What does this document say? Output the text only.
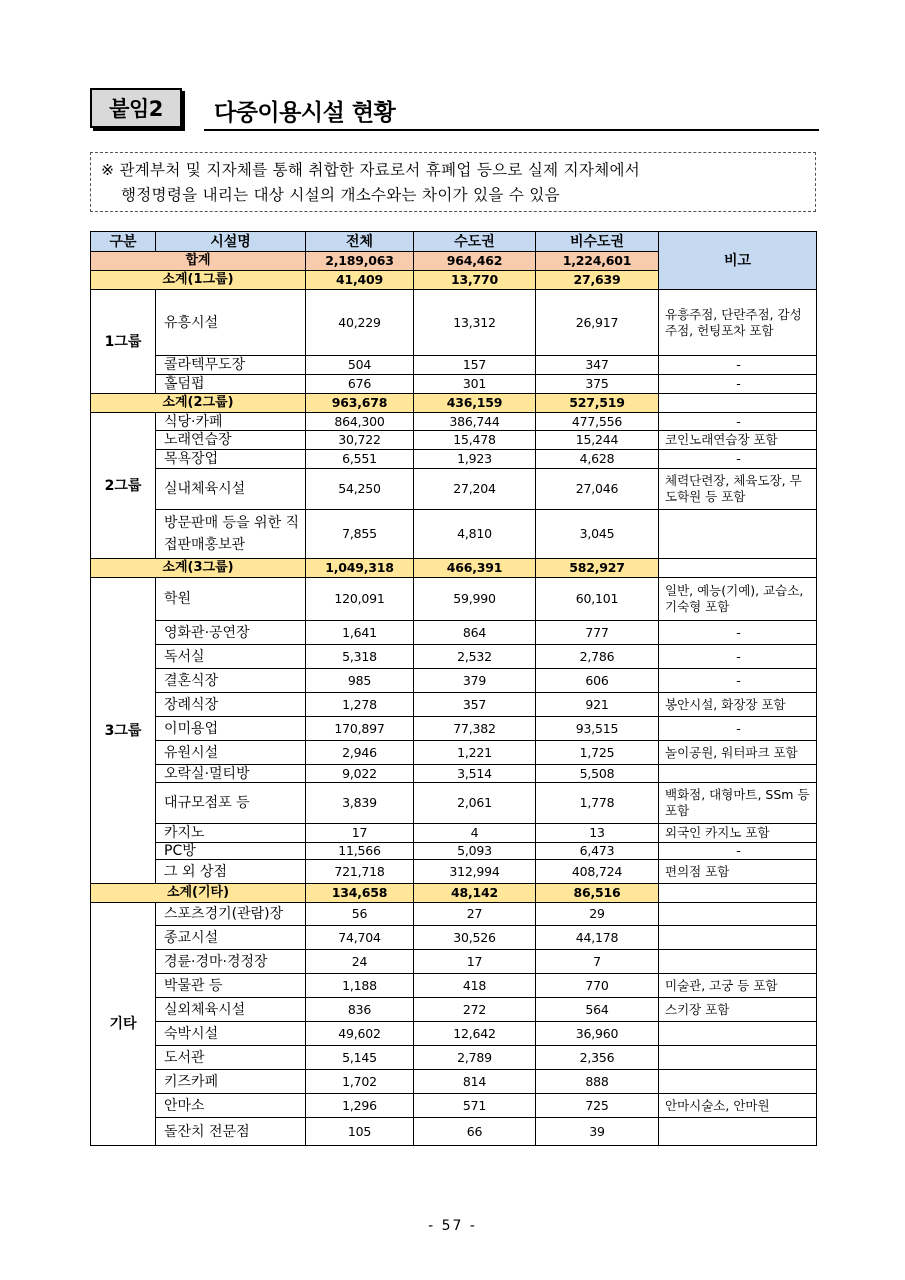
붙임2 다중이용시설 현황
※ 관계부처 및 지자체를 통해 취합한 자료로서 휴폐업 등으로 실제 지자체에서
행정명령을 내리는 대상 시설의 개소수와는 차이가 있을 수 있음
구분	시설명	전체	수도권	비수도권	비고
합계		2,189,063	964,462	1,224,601	
소계(1그룹)		41,409	13,770	27,639	
1그룹	유흥시설	40,229	13,312	26,917	유흥주점, 단란주점, 감성주점, 헌팅포차 포함
	콜라텍무도장	504	157	347	-
	홀덤펍	676	301	375	-
소계(2그룹)		963,678	436,159	527,519	
2그룹	식당·카페	864,300	386,744	477,556	-
	노래연습장	30,722	15,478	15,244	코인노래연습장 포함
	목욕장업	6,551	1,923	4,628	-
	실내체육시설	54,250	27,204	27,046	체력단련장, 체육도장, 무도학원 등 포함
	방문판매 등을 위한 직접판매홍보관	7,855	4,810	3,045	
소계(3그룹)		1,049,318	466,391	582,927	
3그룹	학원	120,091	59,990	60,101	일반, 예능(기예), 교습소, 기숙형 포함
	영화관·공연장	1,641	864	777	-
	독서실	5,318	2,532	2,786	-
	결혼식장	985	379	606	-
	장례식장	1,278	357	921	봉안시설, 화장장 포함
	이미용업	170,897	77,382	93,515	-
	유원시설	2,946	1,221	1,725	놀이공원, 워터파크 포함
	오락실·멀티방	9,022	3,514	5,508	
	대규모점포 등	3,839	2,061	1,778	백화점, 대형마트, SSm 등 포함
	카지노	17	4	13	외국인 카지노 포함
	PC방	11,566	5,093	6,473	-
	그 외 상점	721,718	312,994	408,724	편의점 포함
소계(기타)		134,658	48,142	86,516	
기타	스포츠경기(관람)장	56	27	29	
	종교시설	74,704	30,526	44,178	
	경륜·경마·경정장	24	17	7	
	박물관 등	1,188	418	770	미술관, 고궁 등 포함
	실외체육시설	836	272	564	스키장 포함
	숙박시설	49,602	12,642	36,960	
	도서관	5,145	2,789	2,356	
	키즈카페	1,702	814	888	
	안마소	1,296	571	725	안마시술소, 안마원
	돌잔치 전문점	105	66	39	
- 57 -
